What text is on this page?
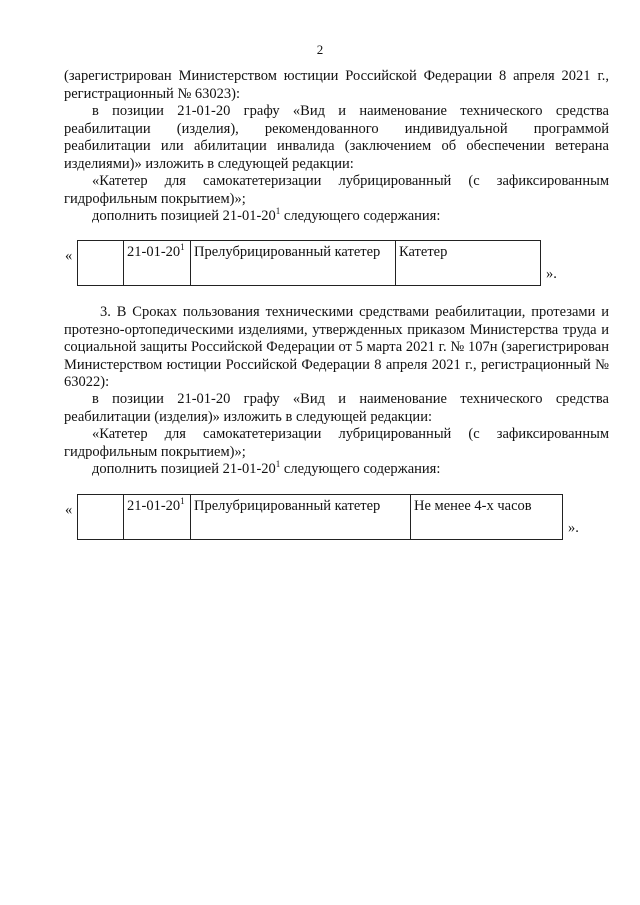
2

(зарегистрирован Министерством юстиции Российской Федерации 8 апреля 2021 г., регистрационный № 63023):

в позиции 21-01-20 графу «Вид и наименование технического средства реабилитации (изделия), рекомендованного индивидуальной программой реабилитации или абилитации инвалида (заключением об обеспечении ветерана изделиями)» изложить в следующей редакции:

«Катетер для самокатетеризации лубрицированный (с зафиксированным гидрофильным покрытием)»;

дополнить позицией $21-01-20^1$ следующего содержания:

«
		$21-01-20^1$	Прелубрицированный катетер	Катетер
».

3. В Сроках пользования техническими средствами реабилитации, протезами и протезно-ортопедическими изделиями, утвержденных приказом Министерства труда и социальной защиты Российской Федерации от 5 марта 2021 г. № 107н (зарегистрирован Министерством юстиции Российской Федерации 8 апреля 2021 г., регистрационный № 63022):

в позиции 21-01-20 графу «Вид и наименование технического средства реабилитации (изделия)» изложить в следующей редакции:

«Катетер для самокатетеризации лубрицированный (с зафиксированным гидрофильным покрытием)»;

дополнить позицией $21-01-20^1$ следующего содержания:

«
		$21-01-20^1$	Прелубрицированный катетер	Не менее 4-х часов
».
